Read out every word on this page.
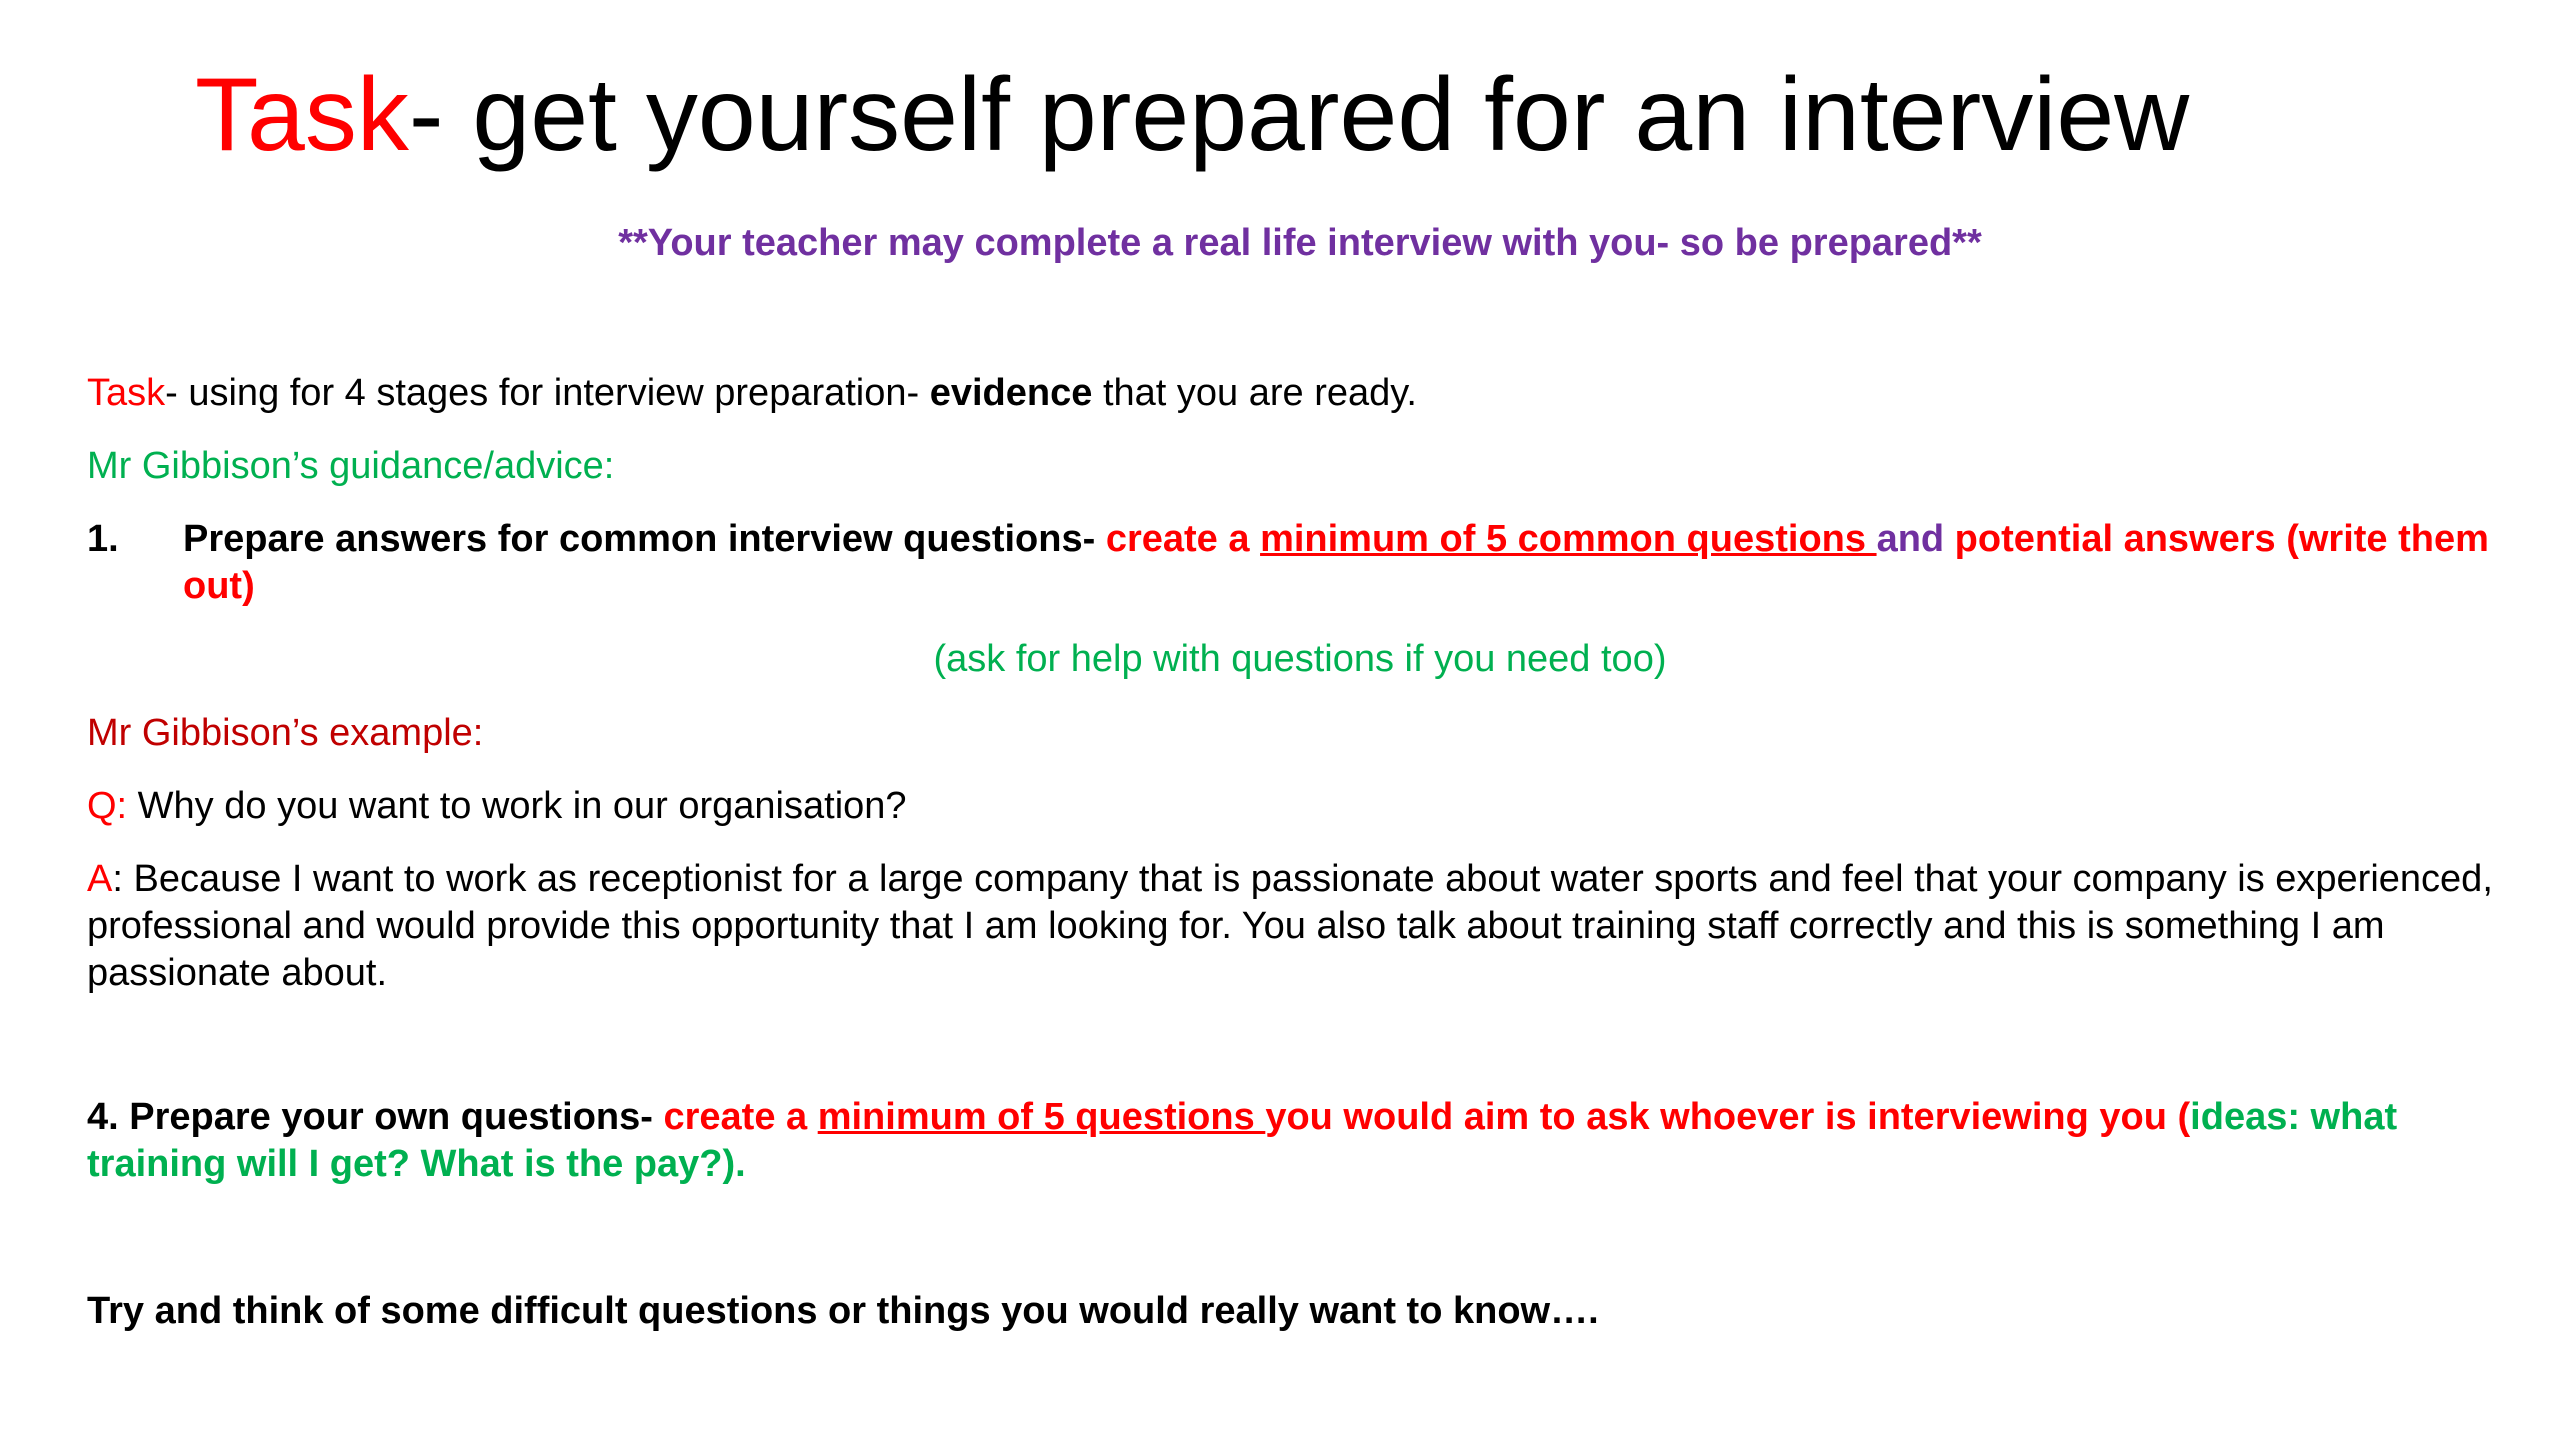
Task- get yourself prepared for an interview
**Your teacher may complete a real life interview with you- so be prepared**
Task- using for 4 stages for interview preparation- evidence that you are ready.
Mr Gibbison’s guidance/advice:
1. Prepare answers for common interview questions- create a minimum of 5 common questions and potential answers (write them out)
(ask for help with questions if you need too)
Mr Gibbison’s example:
Q: Why do you want to work in our organisation?
A: Because I want to work as receptionist for a large company that is passionate about water sports and feel that your company is experienced, professional and would provide this opportunity that I am looking for. You also talk about training staff correctly and this is something I am passionate about.
4. Prepare your own questions- create a minimum of 5 questions you would aim to ask whoever is interviewing you (ideas: what training will I get? What is the pay?).
Try and think of some difficult questions or things you would really want to know….
